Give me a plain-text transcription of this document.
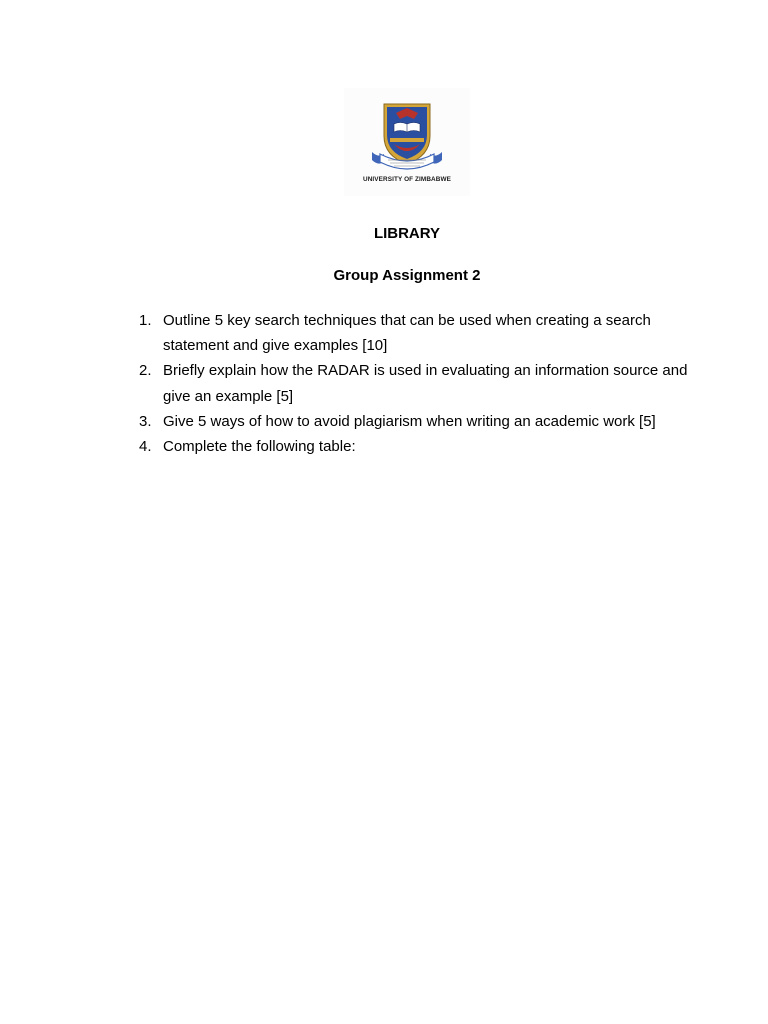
UNIVERSITY OF ZIMBABWE
LIBRARY
Group Assignment 2
1. Outline 5 key search techniques that can be used when creating a search statement and give examples [10]
2. Briefly explain how the RADAR is used in evaluating an information source and give an example [5]
3. Give 5 ways of how to avoid plagiarism when writing an academic work [5]
4. Complete the following table:
